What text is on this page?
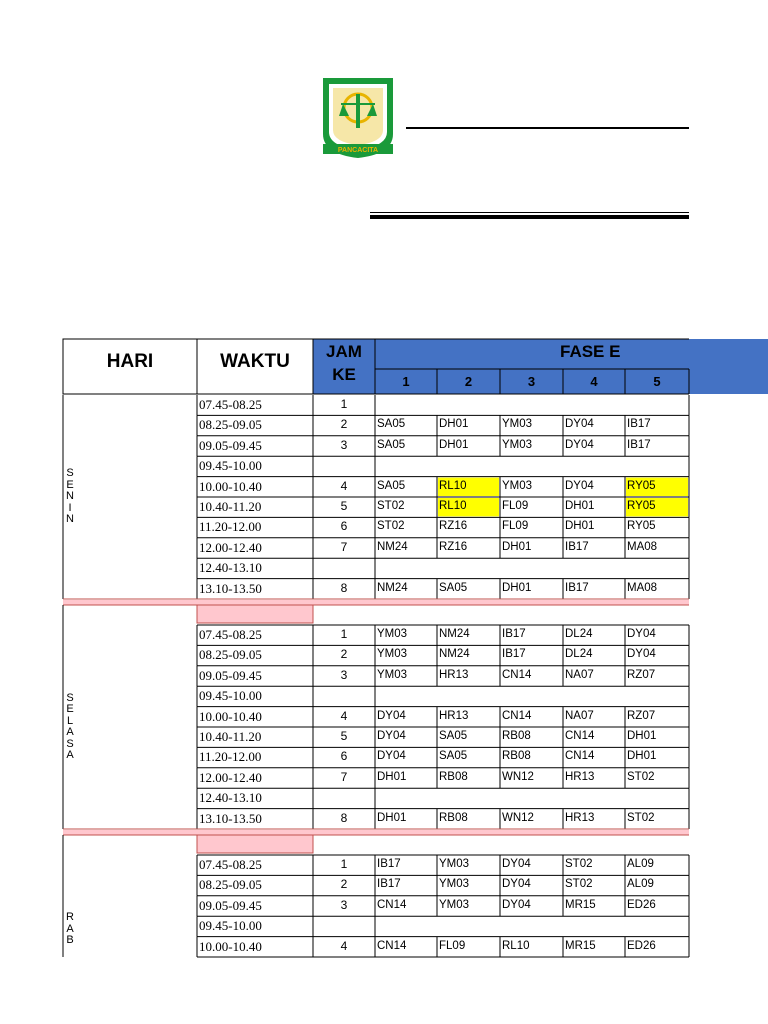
PANCACITA
HARI	WAKTU	JAM
KE
FASE E
1	2	3	4	5
07.45-08.25	1
08.25-09.05	2	SA05	DH01	YM03	DY04	IB17
09.05-09.45	3	SA05	DH01	YM03	DY04	IB17
09.45-10.00
10.00-10.40	4	SA05	RL10	YM03	DY04	RY05
10.40-11.20	5	ST02	RL10	FL09	DH01	RY05
11.20-12.00	6	ST02	RZ16	FL09	DH01	RY05
12.00-12.40	7	NM24	RZ16	DH01	IB17	MA08
12.40-13.10
13.10-13.50	8	NM24	SA05	DH01	IB17	MA08
S
E
N
I
N
07.45-08.25	1	YM03	NM24	IB17	DL24	DY04
08.25-09.05	2	YM03	NM24	IB17	DL24	DY04
09.05-09.45	3	YM03	HR13	CN14	NA07	RZ07
09.45-10.00
10.00-10.40	4	DY04	HR13	CN14	NA07	RZ07
10.40-11.20	5	DY04	SA05	RB08	CN14	DH01
11.20-12.00	6	DY04	SA05	RB08	CN14	DH01
12.00-12.40	7	DH01	RB08	WN12	HR13	ST02
12.40-13.10
13.10-13.50	8	DH01	RB08	WN12	HR13	ST02
S
E
L
A
S
A
07.45-08.25	1	IB17	YM03	DY04	ST02	AL09
08.25-09.05	2	IB17	YM03	DY04	ST02	AL09
09.05-09.45	3	CN14	YM03	DY04	MR15	ED26
09.45-10.00
10.00-10.40	4	CN14	FL09	RL10	MR15	ED26
R
A
B
